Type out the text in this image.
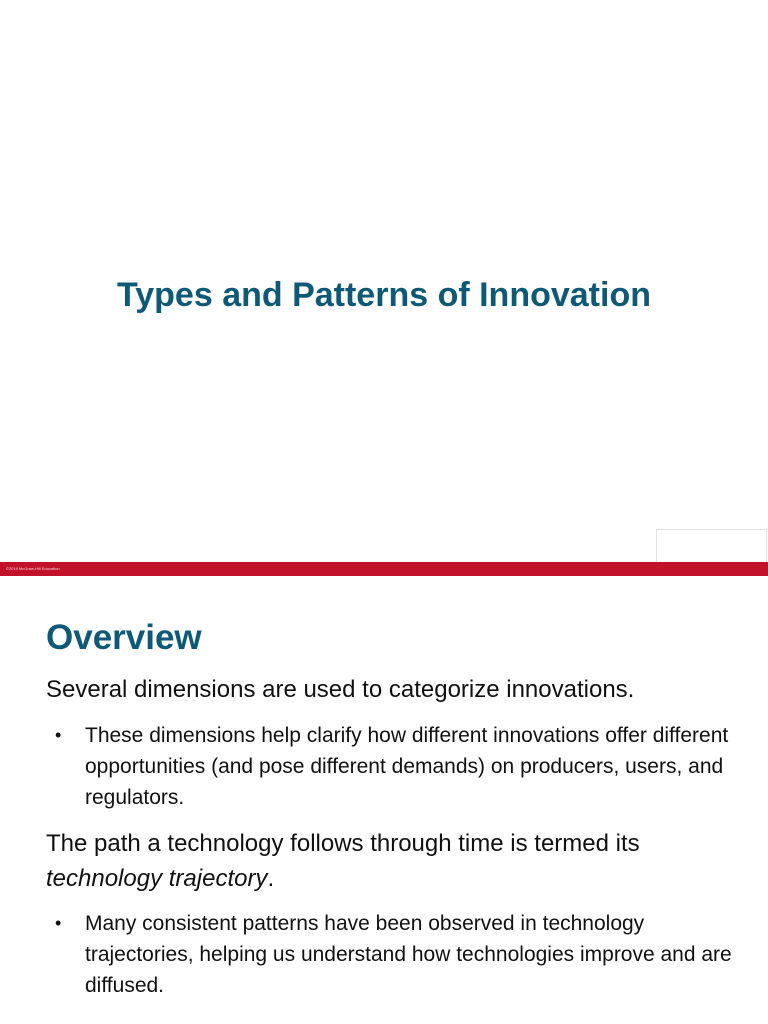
Types and Patterns of Innovation
©2019 McGraw-Hill Education
Overview

Several dimensions are used to categorize innovations.

• These dimensions help clarify how different innovations offer different opportunities (and pose different demands) on producers, users, and regulators.

The path a technology follows through time is termed its technology trajectory.

• Many consistent patterns have been observed in technology trajectories, helping us understand how technologies improve and are diffused.
